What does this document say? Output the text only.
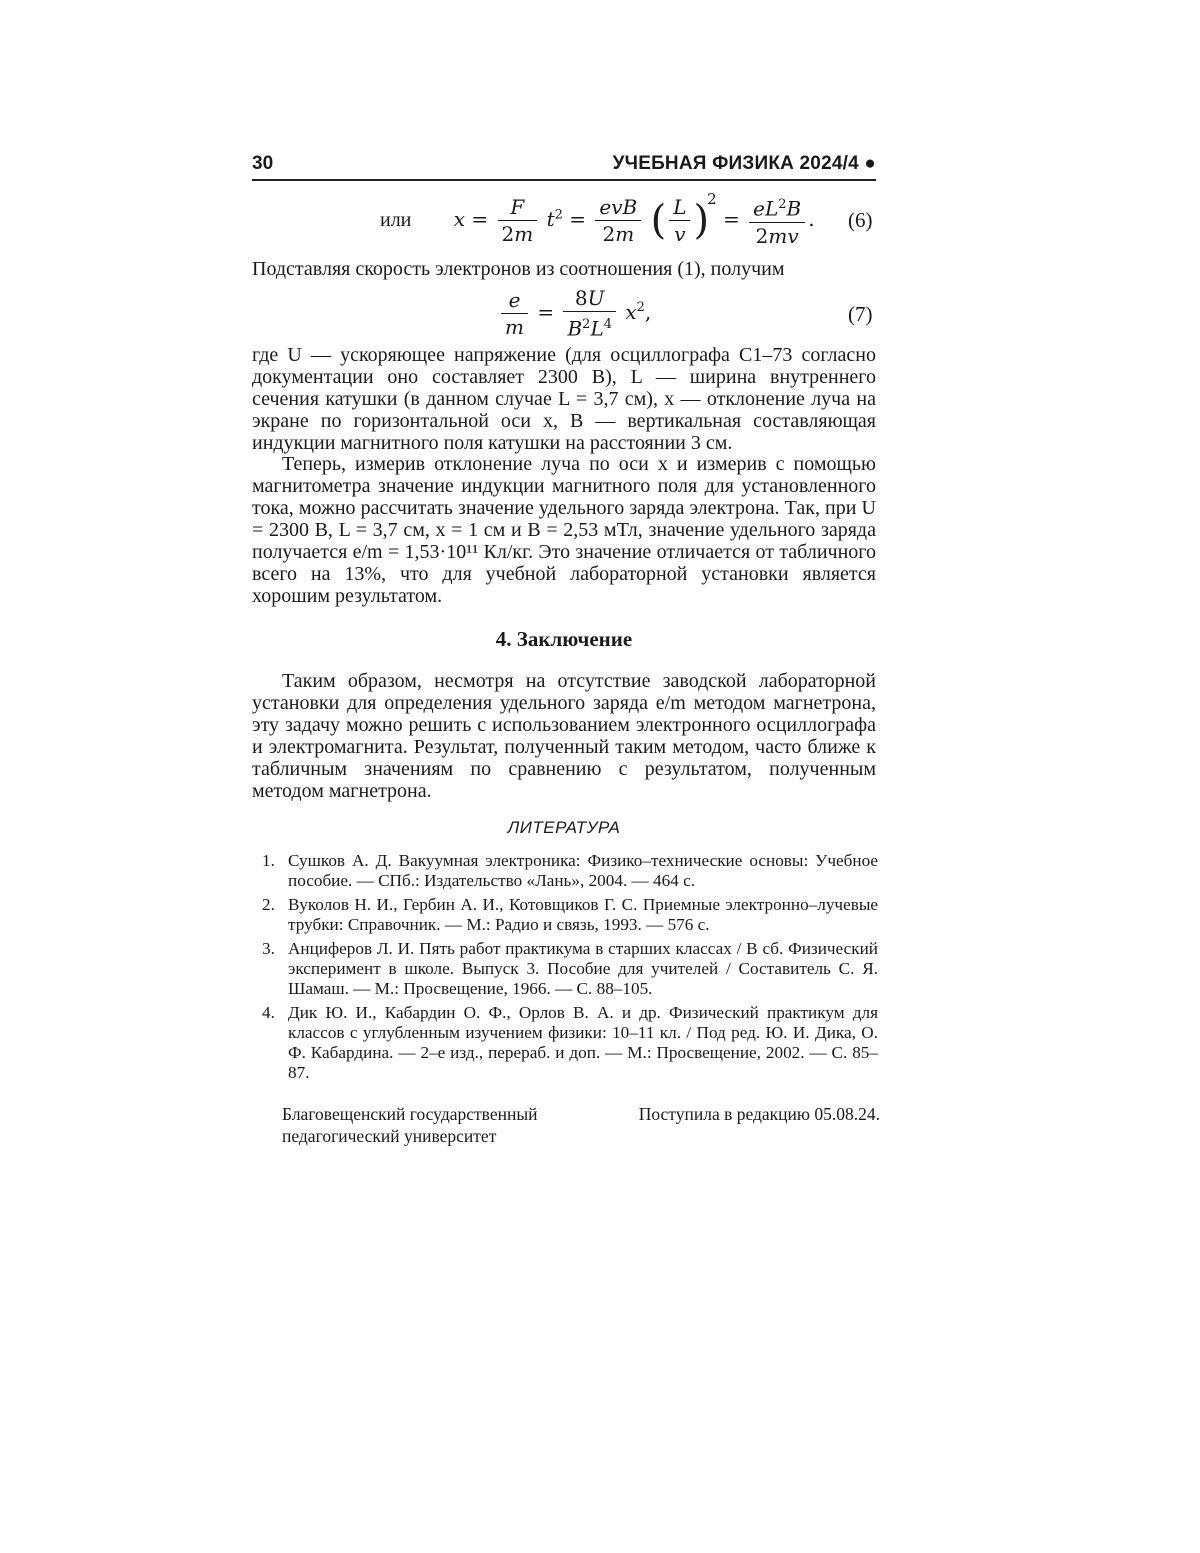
30	УЧЕБНАЯ ФИЗИКА 2024/4 ●
или $x = \frac{F}{2m} t^2 = \frac{\text{evB}}{2m}$ ( $\frac{L}{v} )^2 = \frac{eL^2B}{2mv}$ . (6)
Подставляя скорость электронов из соотношения (1), получим
$\frac{e}{m} = \frac{8U}{B^2L^4} x^2$,	(7)
где U — ускоряющее напряжение (для осциллографа С1–73 согласно документации оно составляет 2300 В), L — ширина внутреннего сечения катушки (в данном случае L = 3,7 см), x — отклонение луча на экране по горизонтальной оси x, B — вертикальная составляющая индукции магнитного поля катушки на расстоянии 3 см.
Теперь, измерив отклонение луча по оси x и измерив с помощью магнитометра значение индукции магнитного поля для установленного тока, можно рассчитать значение удельного заряда электрона. Так, при U = 2300 В, L = 3,7 см, x = 1 см и B = 2,53 мТл, значение удельного заряда получается e/m = 1,53·10¹¹ Кл/кг. Это значение отличается от табличного всего на 13%, что для учебной лабораторной установки является хорошим результатом.
4. Заключение
Таким образом, несмотря на отсутствие заводской лабораторной установки для определения удельного заряда e/m методом магнетрона, эту задачу можно решить с использованием электронного осциллографа и электромагнита. Результат, полученный таким методом, часто ближе к табличным значениям по сравнению с результатом, полученным методом магнетрона.
ЛИТЕРАТУРА
1. Сушков А. Д. Вакуумная электроника: Физико–технические основы: Учебное пособие. — СПб.: Издательство «Лань», 2004. — 464 с.
2. Вуколов Н. И., Гербин А. И., Котовщиков Г. С. Приемные электронно–лучевые трубки: Справочник. — М.: Радио и связь, 1993. — 576 с.
3. Анциферов Л. И. Пять работ практикума в старших классах / В сб. Физический эксперимент в школе. Выпуск 3. Пособие для учителей / Составитель С. Я. Шамаш. — М.: Просвещение, 1966. — С. 88–105.
4. Дик Ю. И., Кабардин О. Ф., Орлов В. А. и др. Физический практикум для классов с углубленным изучением физики: 10–11 кл. / Под ред. Ю. И. Дика, О. Ф. Кабардина. — 2–е изд., перераб. и доп. — М.: Просвещение, 2002. — С. 85–87.
Благовещенский государственный
педагогический университет
Поступила в редакцию 05.08.24.
